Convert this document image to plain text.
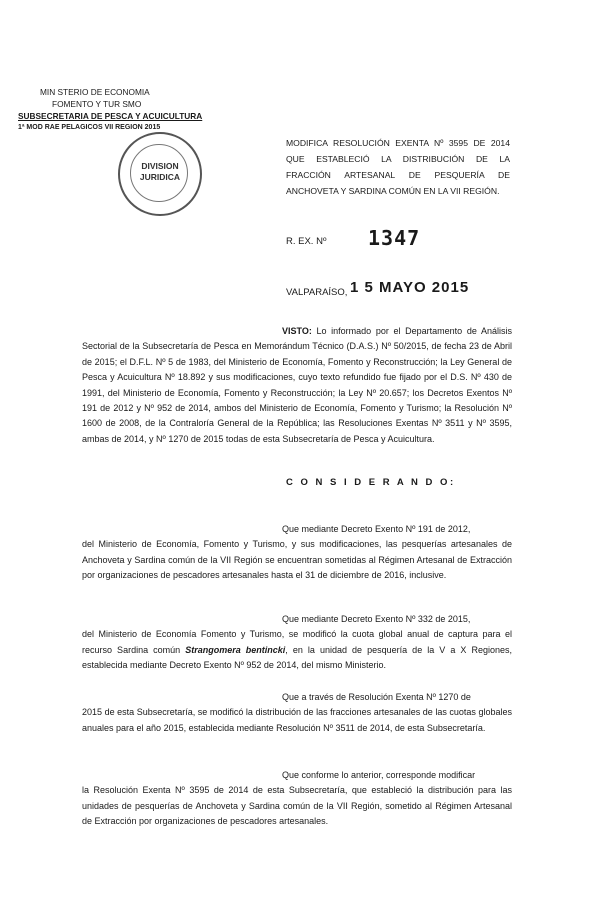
MIN STERIO DE ECONOMIA
FOMENTO Y TUR SMO
SUBSECRETARIA DE PESCA Y ACUICULTURA
1ª MOD RAE PELAGICOS VII REGION 2015
DIVISION
JURIDICA
MODIFICA RESOLUCIÓN EXENTA Nº 3595 DE 2014 QUE ESTABLECIÓ LA DISTRIBUCIÓN DE LA FRACCIÓN ARTESANAL DE PESQUERÍA DE ANCHOVETA Y SARDINA COMÚN EN LA VII REGIÓN.
R. EX. Nº 1347
VALPARAÍSO, 1 5 MAYO 2015
VISTO: Lo informado por el Departamento de Análisis Sectorial de la Subsecretaría de Pesca en Memorándum Técnico (D.A.S.) Nº 50/2015, de fecha 23 de Abril de 2015; el D.F.L. Nº 5 de 1983, del Ministerio de Economía, Fomento y Reconstrucción; la Ley General de Pesca y Acuicultura Nº 18.892 y sus modificaciones, cuyo texto refundido fue fijado por el D.S. Nº 430 de 1991, del Ministerio de Economía, Fomento y Reconstrucción; la Ley Nº 20.657; los Decretos Exentos Nº 191 de 2012 y Nº 952 de 2014, ambos del Ministerio de Economía, Fomento y Turismo; la Resolución Nº 1600 de 2008, de la Contraloría General de la República; las Resoluciones Exentas Nº 3511 y Nº 3595, ambas de 2014, y Nº 1270 de 2015 todas de esta Subsecretaría de Pesca y Acuicultura.
C O N S I D E R A N D O:
Que mediante Decreto Exento Nº 191 de 2012,
del Ministerio de Economía, Fomento y Turismo, y sus modificaciones, las pesquerías artesanales de Anchoveta y Sardina común de la VII Región se encuentran sometidas al Régimen Artesanal de Extracción por organizaciones de pescadores artesanales hasta el 31 de diciembre de 2016, inclusive.
Que mediante Decreto Exento Nº 332 de 2015,
del Ministerio de Economía Fomento y Turismo, se modificó la cuota global anual de captura para el recurso Sardina común Strangomera bentincki, en la unidad de pesquería de la V a X Regiones, establecida mediante Decreto Exento Nº 952 de 2014, del mismo Ministerio.
Que a través de Resolución Exenta Nº 1270 de
2015 de esta Subsecretaría, se modificó la distribución de las fracciones artesanales de las cuotas globales anuales para el año 2015, establecida mediante Resolución Nº 3511 de 2014, de esta Subsecretaría.
Que conforme lo anterior, corresponde modificar
la Resolución Exenta Nº 3595 de 2014 de esta Subsecretaría, que estableció la distribución para las unidades de pesquerías de Anchoveta y Sardina común de la VII Región, sometido al Régimen Artesanal de Extracción por organizaciones de pescadores artesanales.
